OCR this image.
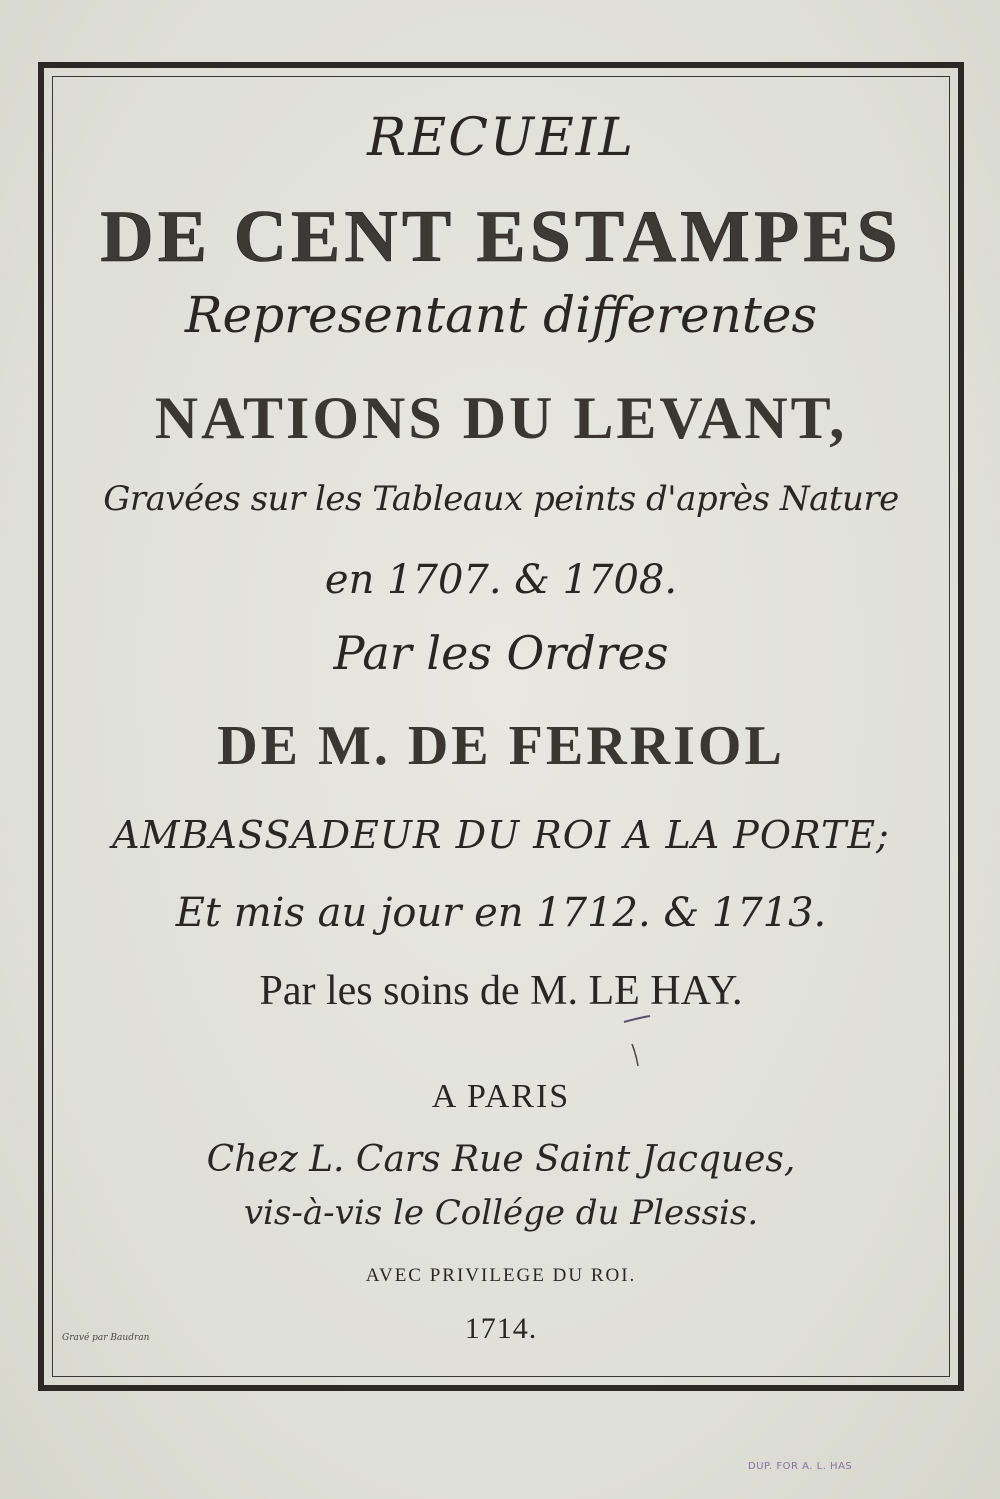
RECUEIL
DE CENT ESTAMPES
Representant differentes
NATIONS DU LEVANT,
Gravées sur les Tableaux peints d'après Nature
en 1707. & 1708.
Par les Ordres
DE M. DE FERRIOL
AMBASSADEUR DU ROI A LA PORTE;
Et mis au jour en 1712. & 1713.
Par les soins de M. LE HAY.
A PARIS
Chez L. Cars Rue Saint Jacques,
vis-à-vis le Collége du Plessis.
AVEC PRIVILEGE DU ROI.
1714.
Gravé par Baudran
DUP. FOR A. L. HAS
